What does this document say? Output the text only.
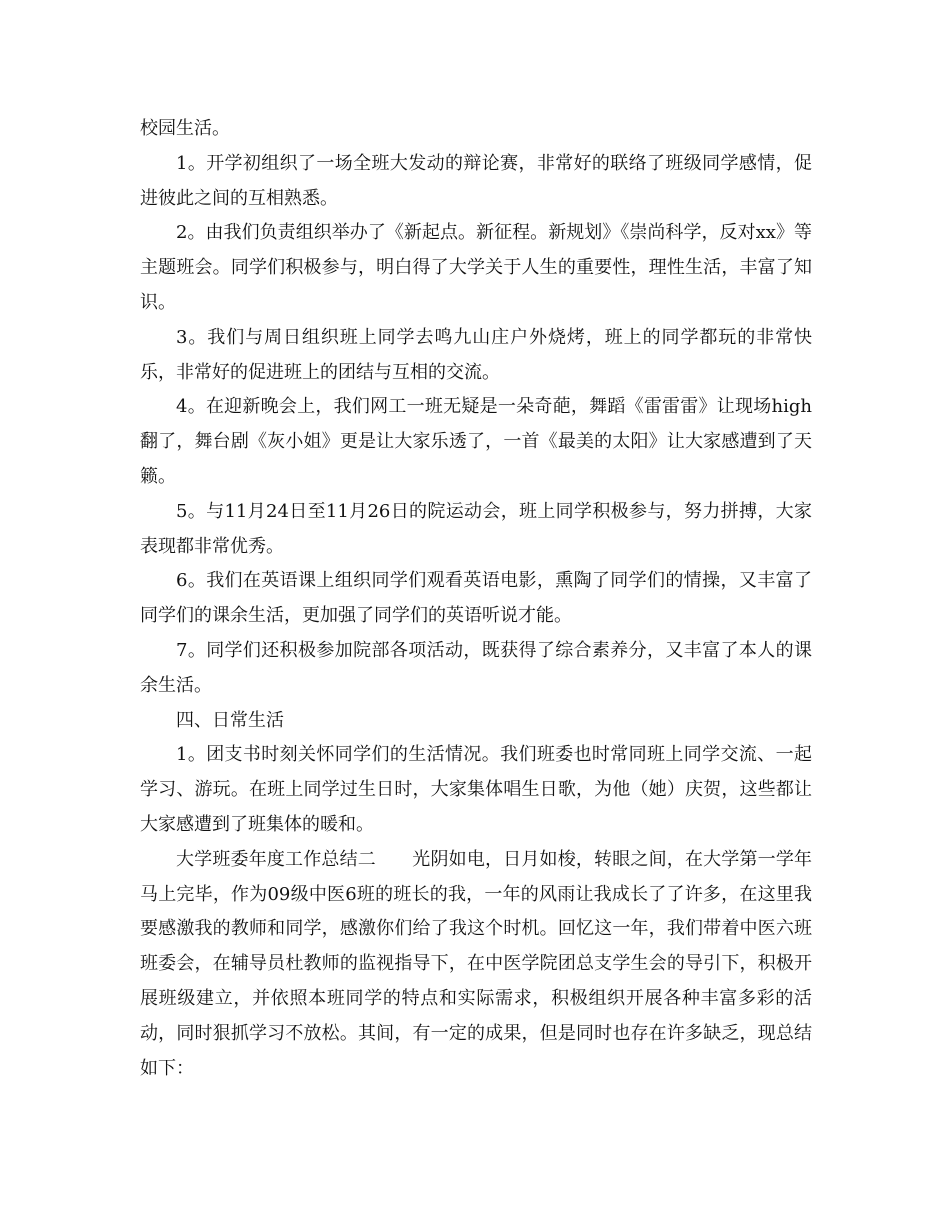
校园生活。

1。开学初组织了一场全班大发动的辩论赛，非常好的联络了班级同学感情，促进彼此之间的互相熟悉。

2。由我们负责组织举办了《新起点。新征程。新规划》《崇尚科学，反对xx》等主题班会。同学们积极参与，明白得了大学关于人生的重要性，理性生活，丰富了知识。

3。我们与周日组织班上同学去鸣九山庄户外烧烤，班上的同学都玩的非常快乐，非常好的促进班上的团结与互相的交流。

4。在迎新晚会上，我们网工一班无疑是一朵奇葩，舞蹈《雷雷雷》让现场high翻了，舞台剧《灰小姐》更是让大家乐透了，一首《最美的太阳》让大家感遭到了天籁。

5。与11月24日至11月26日的院运动会，班上同学积极参与，努力拼搏，大家表现都非常优秀。

6。我们在英语课上组织同学们观看英语电影，熏陶了同学们的情操，又丰富了同学们的课余生活，更加强了同学们的英语听说才能。

7。同学们还积极参加院部各项活动，既获得了综合素养分，又丰富了本人的课余生活。

四、日常生活

1。团支书时刻关怀同学们的生活情况。我们班委也时常同班上同学交流、一起学习、游玩。在班上同学过生日时，大家集体唱生日歌，为他（她）庆贺，这些都让大家感遭到了班集体的暖和。

大学班委年度工作总结二　　光阴如电，日月如梭，转眼之间，在大学第一学年马上完毕，作为09级中医6班的班长的我，一年的风雨让我成长了了许多，在这里我要感激我的教师和同学，感激你们给了我这个时机。回忆这一年，我们带着中医六班班委会，在辅导员杜教师的监视指导下，在中医学院团总支学生会的导引下，积极开展班级建立，并依照本班同学的特点和实际需求，积极组织开展各种丰富多彩的活动，同时狠抓学习不放松。其间，有一定的成果，但是同时也存在许多缺乏，现总结如下：
